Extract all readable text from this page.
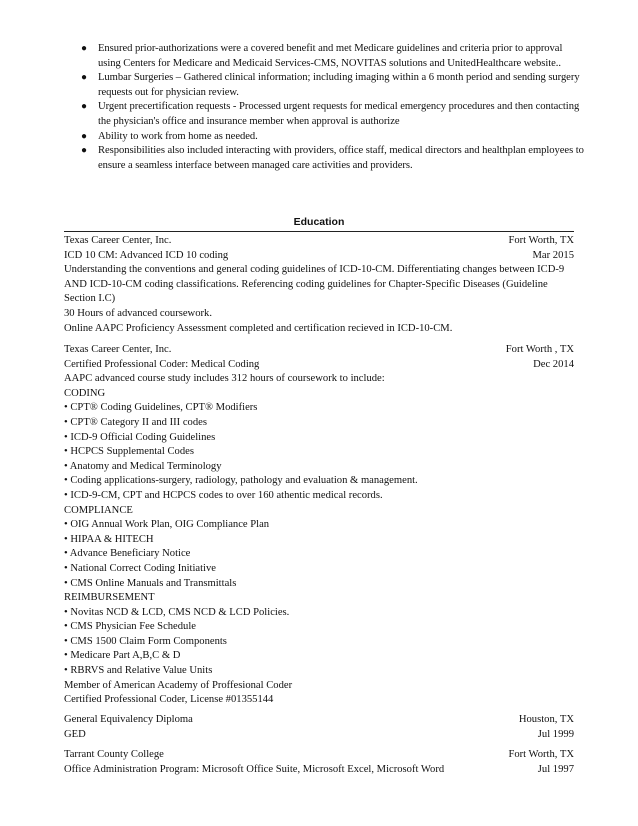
● Ensured prior-authorizations were a covered benefit and met Medicare guidelines and criteria prior to approval using Centers for Medicare and Medicaid Services-CMS, NOVITAS solutions and UnitedHealthcare website..
● Lumbar Surgeries – Gathered clinical information; including imaging within a 6 month period and sending surgery requests out for physician review.
● Urgent precertification requests - Processed urgent requests for medical emergency procedures and then contacting the physician's office and insurance member when approval is authorize
● Ability to work from home as needed.
● Responsibilities also included interacting with providers, office staff, medical directors and healthplan employees to ensure a seamless interface between managed care activities and providers.
Education
Texas Career Center, Inc.	Fort Worth, TX
ICD 10 CM: Advanced ICD 10 coding	Mar 2015
Understanding the conventions and general coding guidelines of ICD-10-CM. Differentiating changes between ICD-9 AND ICD-10-CM coding classifications. Referencing coding guidelines for Chapter-Specific Diseases (Guideline Section I.C)
30 Hours of advanced coursework.
Online AAPC Proficiency Assessment completed and certification recieved in ICD-10-CM.
Texas Career Center, Inc.	Fort Worth , TX
Certified Professional Coder: Medical Coding	Dec 2014
AAPC advanced course study includes 312 hours of coursework to include:
CODING
• CPT® Coding Guidelines, CPT® Modifiers
• CPT® Category II and III codes
• ICD-9 Official Coding Guidelines
• HCPCS Supplemental Codes
• Anatomy and Medical Terminology
• Coding applications-surgery, radiology, pathology and evaluation & management.
• ICD-9-CM, CPT and HCPCS codes to over 160 athentic medical records.
COMPLIANCE
• OIG Annual Work Plan, OIG Compliance Plan
• HIPAA & HITECH
• Advance Beneficiary Notice
• National Correct Coding Initiative
• CMS Online Manuals and Transmittals
REIMBURSEMENT
• Novitas NCD & LCD, CMS NCD & LCD Policies.
• CMS Physician Fee Schedule
• CMS 1500 Claim Form Components
• Medicare Part A,B,C & D
• RBRVS and Relative Value Units
Member of American Academy of Proffesional Coder
Certified Professional Coder, License #01355144
General Equivalency Diploma	Houston, TX
GED	Jul 1999
Tarrant County College	Fort Worth, TX
Office Administration Program: Microsoft Office Suite, Microsoft Excel, Microsoft Word	Jul 1997
